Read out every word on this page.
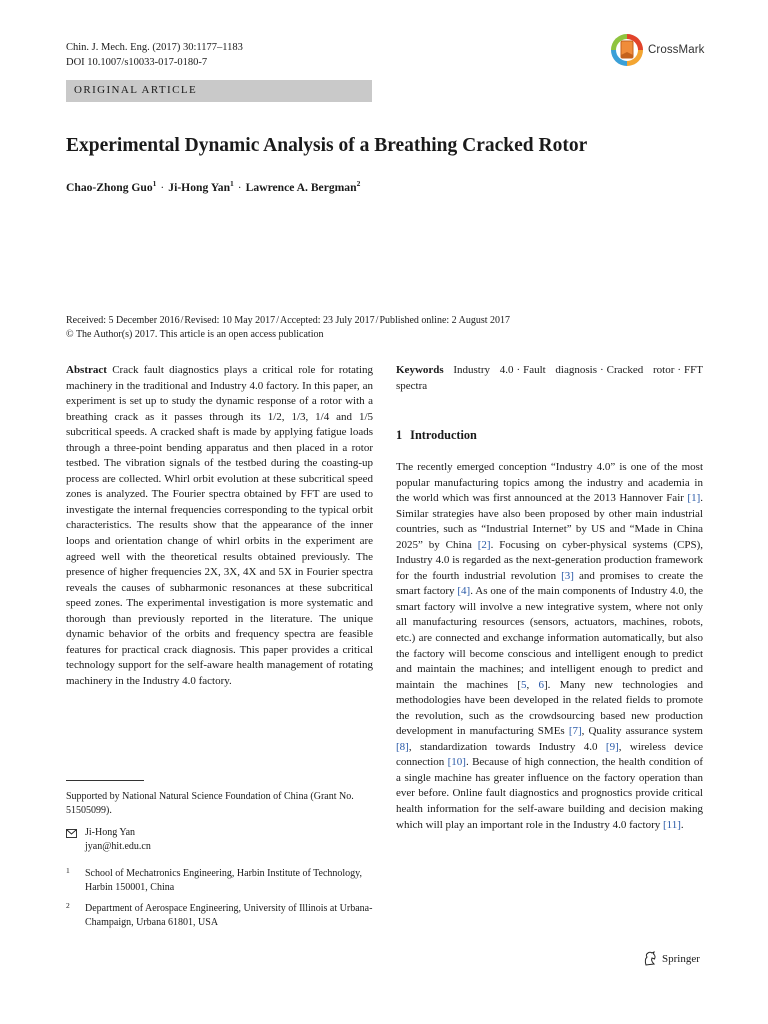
Chin. J. Mech. Eng. (2017) 30:1177–1183
DOI 10.1007/s10033-017-0180-7
CrossMark
ORIGINAL ARTICLE
Experimental Dynamic Analysis of a Breathing Cracked Rotor
Chao-Zhong Guo$^1$ · Ji-Hong Yan$^1$ · Lawrence A. Bergman$^2$
Received: 5 December 2016/Revised: 10 May 2017/Accepted: 23 July 2017/Published online: 2 August 2017
© The Author(s) 2017. This article is an open access publication
Abstract Crack fault diagnostics plays a critical role for rotating machinery in the traditional and Industry 4.0 factory. In this paper, an experiment is set up to study the dynamic response of a rotor with a breathing crack as it passes through its 1/2, 1/3, 1/4 and 1/5 subcritical speeds. A cracked shaft is made by applying fatigue loads through a three-point bending apparatus and then placed in a rotor testbed. The vibration signals of the testbed during the coasting-up process are collected. Whirl orbit evolution at these subcritical speed zones is analyzed. The Fourier spectra obtained by FFT are used to investigate the internal frequencies corresponding to the typical orbit characteristics. The results show that the appearance of the inner loops and orientation change of whirl orbits in the experiment are agreed well with the theoretical results obtained previously. The presence of higher frequencies 2X, 3X, 4X and 5X in Fourier spectra reveals the causes of subharmonic resonances at these subcritical speed zones. The experimental investigation is more systematic and thorough than previously reported in the literature. The unique dynamic behavior of the orbits and frequency spectra are feasible features for practical crack diagnosis. This paper provides a critical technology support for the self-aware health management of rotating machinery in the Industry 4.0 factory.
Keywords Industry 4.0 · Fault diagnosis · Cracked rotor · FFT spectra
1 Introduction
The recently emerged conception “Industry 4.0” is one of the most popular manufacturing topics among the industry and academia in the world which was first announced at the 2013 Hannover Fair [1]. Similar strategies have also been proposed by other main industrial countries, such as “Industrial Internet” by US and “Made in China 2025” by China [2]. Focusing on cyber-physical systems (CPS), Industry 4.0 is regarded as the next-generation production framework for the fourth industrial revolution [3] and promises to create the smart factory [4]. As one of the main components of Industry 4.0, the smart factory will involve a new integrative system, where not only all manufacturing resources (sensors, actuators, machines, robots, etc.) are connected and exchange information automatically, but also the factory will become conscious and intelligent enough to predict and maintain the machines; and intelligent enough to predict and maintain the machines [5, 6]. Many new technologies and methodologies have been developed in the related fields to promote the revolution, such as the crowdsourcing based new production development in manufacturing SMEs [7], Quality assurance system [8], standardization towards Industry 4.0 [9], wireless device connection [10]. Because of high connection, the health condition of a single machine has greater influence on the factory operation than ever before. Online fault diagnostics and prognostics provide critical health information for the self-aware building and decision making which will play an important role in the Industry 4.0 factory [11].
Supported by National Natural Science Foundation of China (Grant No. 51505099).
Ji-Hong Yan
jyan@hit.edu.cn
1 School of Mechatronics Engineering, Harbin Institute of Technology, Harbin 150001, China
2 Department of Aerospace Engineering, University of Illinois at Urbana-Champaign, Urbana 61801, USA
Springer
